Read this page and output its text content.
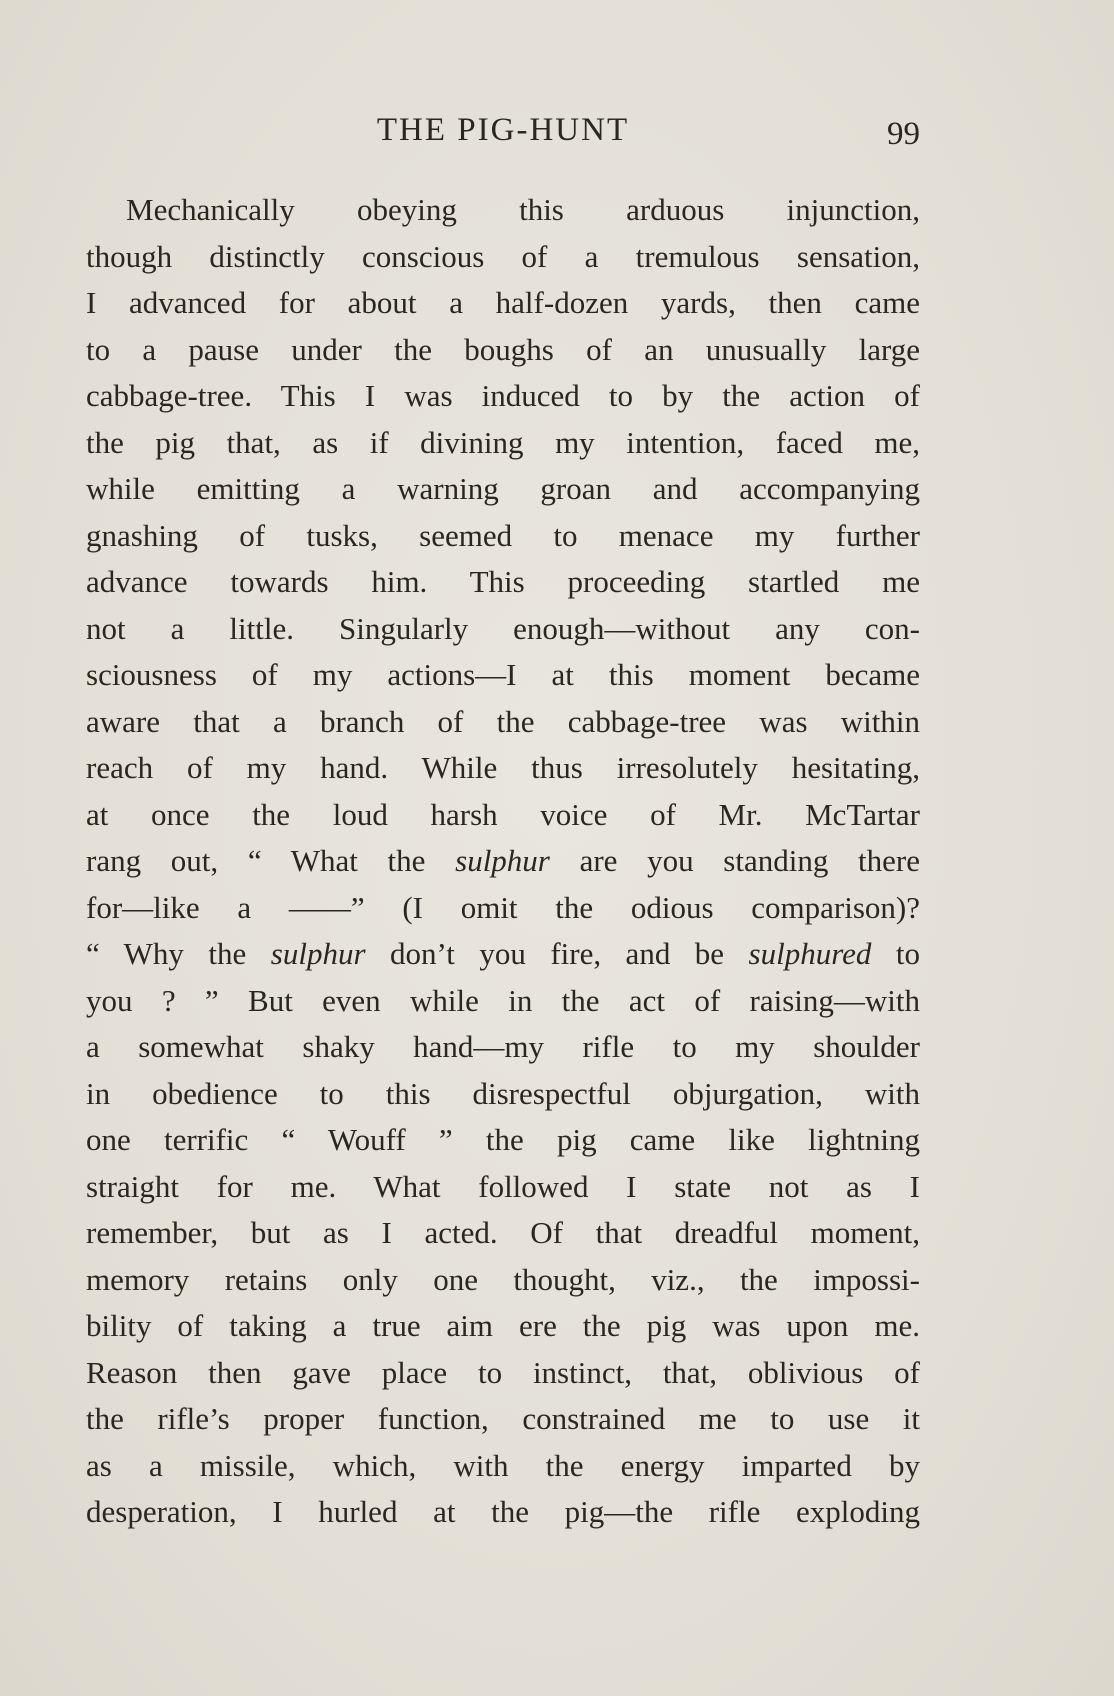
THE PIG-HUNT	99
Mechanically obeying this arduous injunction,
though distinctly conscious of a tremulous sensation,
I advanced for about a half-dozen yards, then came
to a pause under the boughs of an unusually large
cabbage-tree. This I was induced to by the action of
the pig that, as if divining my intention, faced me,
while emitting a warning groan and accompanying
gnashing of tusks, seemed to menace my further
advance towards him. This proceeding startled me
not a little. Singularly enough—without any con-
sciousness of my actions—I at this moment became
aware that a branch of the cabbage-tree was within
reach of my hand. While thus irresolutely hesitating,
at once the loud harsh voice of Mr. McTartar
rang out, “ What the sulphur are you standing there
for—like a ——” (I omit the odious comparison)?
“ Why the sulphur don’t you fire, and be sulphured to
you ? ” But even while in the act of raising—with
a somewhat shaky hand—my rifle to my shoulder
in obedience to this disrespectful objurgation, with
one terrific “ Wouff ” the pig came like lightning
straight for me. What followed I state not as I
remember, but as I acted. Of that dreadful moment,
memory retains only one thought, viz., the impossi-
bility of taking a true aim ere the pig was upon me.
Reason then gave place to instinct, that, oblivious of
the rifle’s proper function, constrained me to use it
as a missile, which, with the energy imparted by
desperation, I hurled at the pig—the rifle exploding
